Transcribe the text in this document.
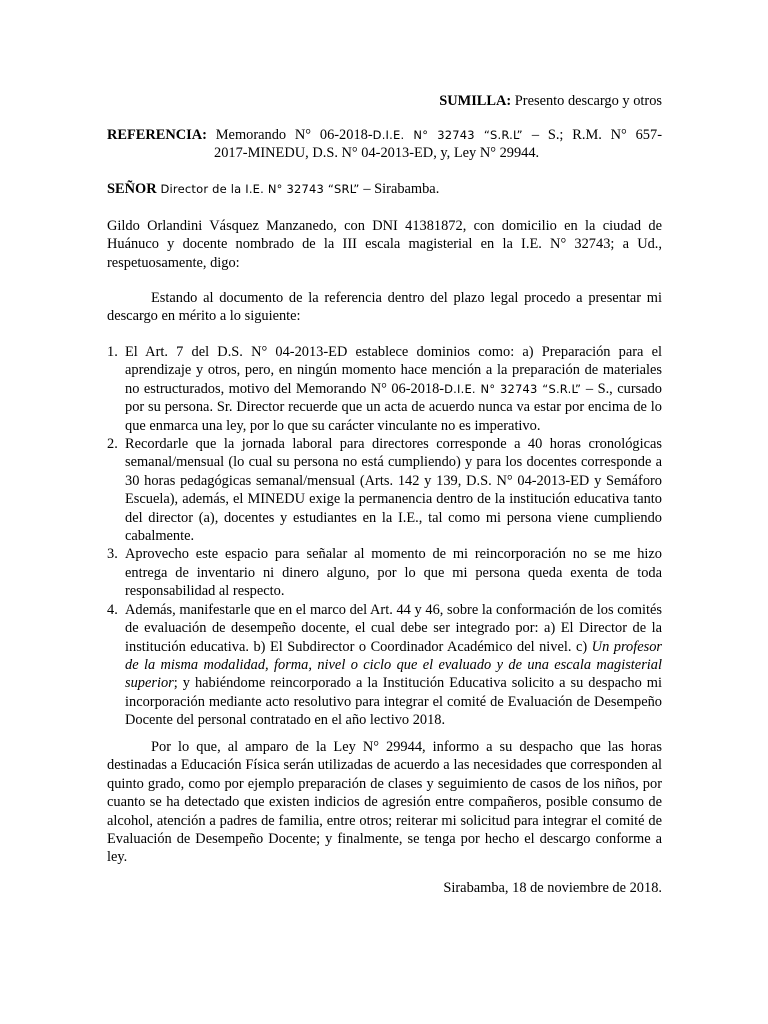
SUMILLA: Presento descargo y otros
REFERENCIA: Memorando N° 06-2018-D.I.E. N° 32743 “S.R.L” – S.; R.M. N° 657-
2017-MINEDU, D.S. N° 04-2013-ED, y, Ley N° 29944.
SEÑOR Director de la I.E. N° 32743 “SRL” – Sirabamba.
Gildo Orlandini Vásquez Manzanedo, con DNI 41381872, con domicilio en la ciudad de Huánuco y docente nombrado de la III escala magisterial en la I.E. N° 32743; a Ud., respetuosamente, digo:
Estando al documento de la referencia dentro del plazo legal procedo a presentar mi descargo en mérito a lo siguiente:
1. El Art. 7 del D.S. N° 04-2013-ED establece dominios como: a) Preparación para el aprendizaje y otros, pero, en ningún momento hace mención a la preparación de materiales no estructurados, motivo del Memorando N° 06-2018-D.I.E. N° 32743 “S.R.L” – S., cursado por su persona. Sr. Director recuerde que un acta de acuerdo nunca va estar por encima de lo que enmarca una ley, por lo que su carácter vinculante no es imperativo.
2. Recordarle que la jornada laboral para directores corresponde a 40 horas cronológicas semanal/mensual (lo cual su persona no está cumpliendo) y para los docentes corresponde a 30 horas pedagógicas semanal/mensual (Arts. 142 y 139, D.S. N° 04-2013-ED y Semáforo Escuela), además, el MINEDU exige la permanencia dentro de la institución educativa tanto del director (a), docentes y estudiantes en la I.E., tal como mi persona viene cumpliendo cabalmente.
3. Aprovecho este espacio para señalar al momento de mi reincorporación no se me hizo entrega de inventario ni dinero alguno, por lo que mi persona queda exenta de toda responsabilidad al respecto.
4. Además, manifestarle que en el marco del Art. 44 y 46, sobre la conformación de los comités de evaluación de desempeño docente, el cual debe ser integrado por: a) El Director de la institución educativa. b) El Subdirector o Coordinador Académico del nivel. c) Un profesor de la misma modalidad, forma, nivel o ciclo que el evaluado y de una escala magisterial superior; y habiéndome reincorporado a la Institución Educativa solicito a su despacho mi incorporación mediante acto resolutivo para integrar el comité de Evaluación de Desempeño Docente del personal contratado en el año lectivo 2018.
Por lo que, al amparo de la Ley N° 29944, informo a su despacho que las horas destinadas a Educación Física serán utilizadas de acuerdo a las necesidades que corresponden al quinto grado, como por ejemplo preparación de clases y seguimiento de casos de los niños, por cuanto se ha detectado que existen indicios de agresión entre compañeros, posible consumo de alcohol, atención a padres de familia, entre otros; reiterar mi solicitud para integrar el comité de Evaluación de Desempeño Docente; y finalmente, se tenga por hecho el descargo conforme a ley.
Sirabamba, 18 de noviembre de 2018.
